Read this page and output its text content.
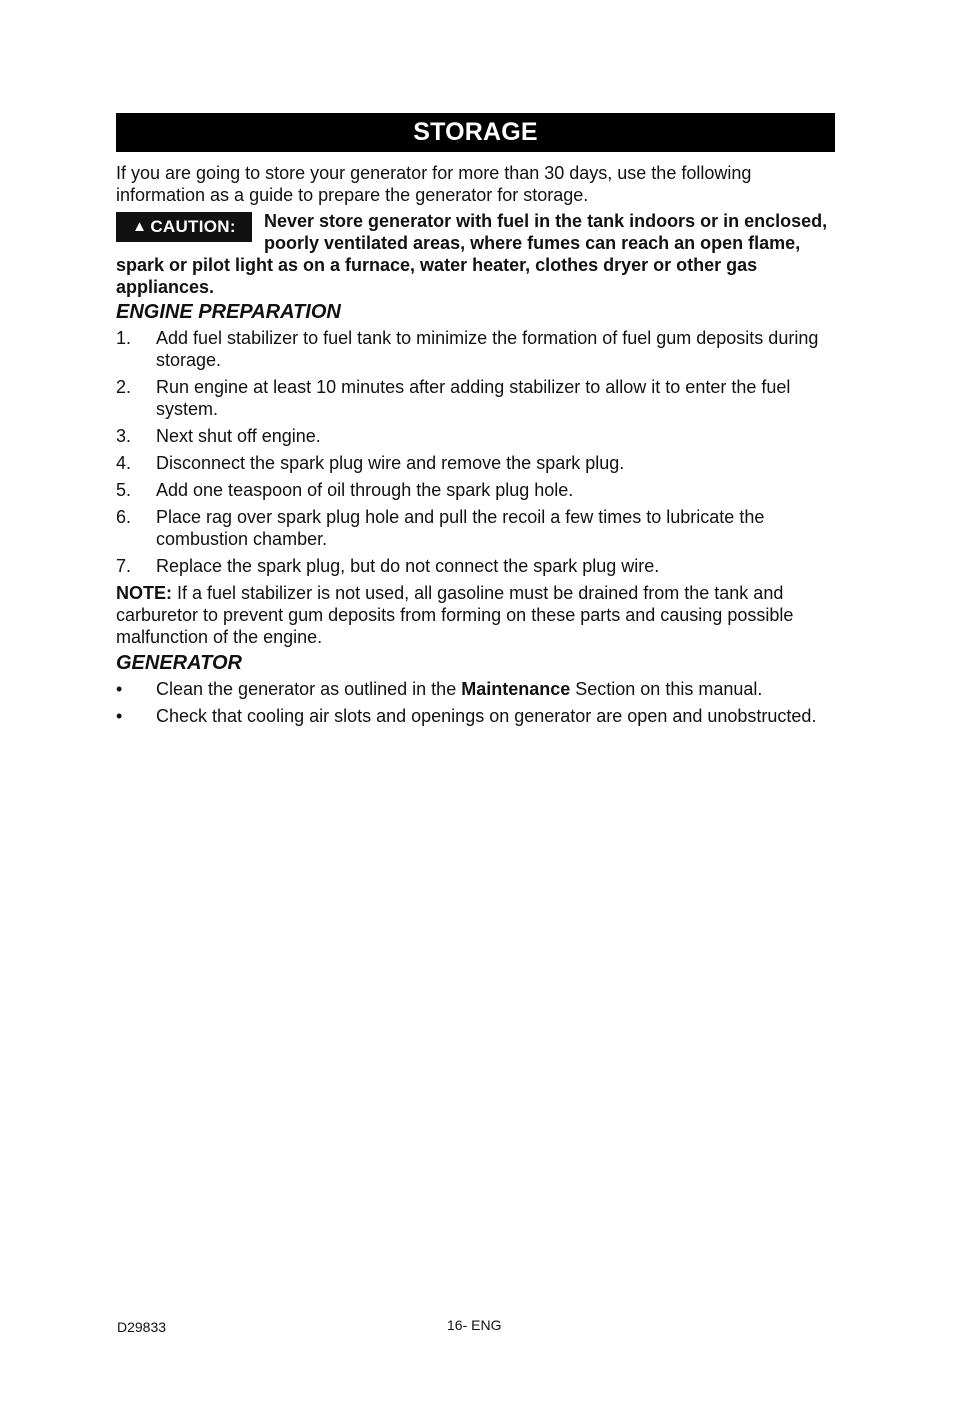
STORAGE

If you are going to store your generator for more than 30 days, use the following information as a guide to prepare the generator for storage.

▲ CAUTION: Never store generator with fuel in the tank indoors or in enclosed, poorly ventilated areas, where fumes can reach an open flame, spark or pilot light as on a furnace, water heater, clothes dryer or other gas appliances.
ENGINE PREPARATION
1. Add fuel stabilizer to fuel tank to minimize the formation of fuel gum deposits during storage.
2. Run engine at least 10 minutes after adding stabilizer to allow it to enter the fuel system.
3. Next shut off engine.
4. Disconnect the spark plug wire and remove the spark plug.
5. Add one teaspoon of oil through the spark plug hole.
6. Place rag over spark plug hole and pull the recoil a few times to lubricate the combustion chamber.
7. Replace the spark plug, but do not connect the spark plug wire.
NOTE: If a fuel stabilizer is not used, all gasoline must be drained from the tank and carburetor to prevent gum deposits from forming on these parts and causing possible malfunction of the engine.
GENERATOR
• Clean the generator as outlined in the Maintenance Section on this manual.
• Check that cooling air slots and openings on generator are open and unobstructed.
D29833	16- ENG
